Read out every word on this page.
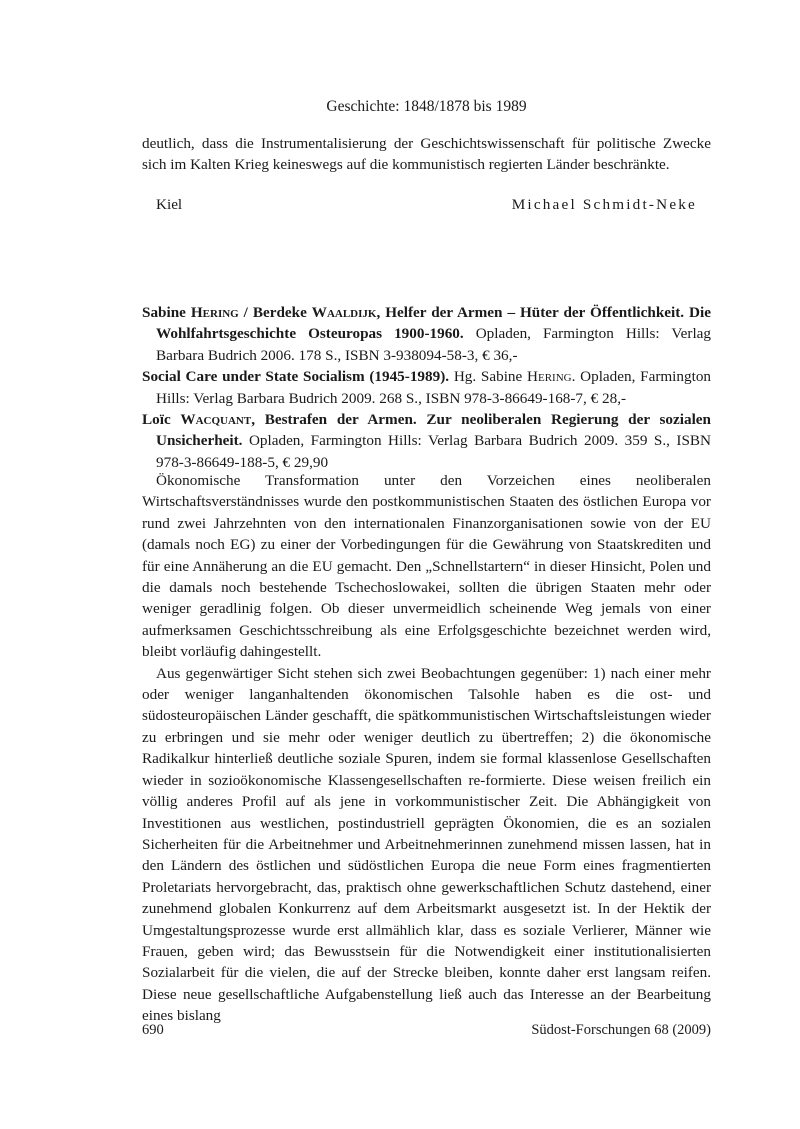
Geschichte: 1848/1878 bis 1989

deutlich, dass die Instrumentalisierung der Geschichtswissenschaft für politische Zwecke sich im Kalten Krieg keineswegs auf die kommunistisch regierten Länder beschränkte.

Kiel	Michael Schmidt-Neke

Sabine Hering / Berdeke Waaldijk, Helfer der Armen – Hüter der Öffentlichkeit. Die Wohlfahrtsgeschichte Osteuropas 1900-1960. Opladen, Farmington Hills: Verlag Barbara Budrich 2006. 178 S., ISBN 3-938094-58-3, € 36,-

Social Care under State Socialism (1945-1989). Hg. Sabine Hering. Opladen, Farmington Hills: Verlag Barbara Budrich 2009. 268 S., ISBN 978-3-86649-168-7, € 28,-

Loïc Wacquant, Bestrafen der Armen. Zur neoliberalen Regierung der sozialen Unsicherheit. Opladen, Farmington Hills: Verlag Barbara Budrich 2009. 359 S., ISBN 978-3-86649-188-5, € 29,90

Ökonomische Transformation unter den Vorzeichen eines neoliberalen Wirtschaftsverständnisses wurde den postkommunistischen Staaten des östlichen Europa vor rund zwei Jahrzehnten von den internationalen Finanzorganisationen sowie von der EU (damals noch EG) zu einer der Vorbedingungen für die Gewährung von Staatskrediten und für eine Annäherung an die EU gemacht. Den „Schnellstartern“ in dieser Hinsicht, Polen und die damals noch bestehende Tschechoslowakei, sollten die übrigen Staaten mehr oder weniger geradlinig folgen. Ob dieser unvermeidlich scheinende Weg jemals von einer aufmerksamen Geschichtsschreibung als eine Erfolgsgeschichte bezeichnet werden wird, bleibt vorläufig dahingestellt.

Aus gegenwärtiger Sicht stehen sich zwei Beobachtungen gegenüber: 1) nach einer mehr oder weniger langanhaltenden ökonomischen Talsohle haben es die ost- und südosteuropäischen Länder geschafft, die spätkommunistischen Wirtschaftsleistungen wieder zu erbringen und sie mehr oder weniger deutlich zu übertreffen; 2) die ökonomische Radikalkur hinterließ deutliche soziale Spuren, indem sie formal klassenlose Gesellschaften wieder in sozioökonomische Klassengesellschaften re-formierte. Diese weisen freilich ein völlig anderes Profil auf als jene in vorkommunistischer Zeit. Die Abhängigkeit von Investitionen aus westlichen, postindustriell geprägten Ökonomien, die es an sozialen Sicherheiten für die Arbeitnehmer und Arbeitnehmerinnen zunehmend missen lassen, hat in den Ländern des östlichen und südöstlichen Europa die neue Form eines fragmentierten Proletariats hervorgebracht, das, praktisch ohne gewerkschaftlichen Schutz dastehend, einer zunehmend globalen Konkurrenz auf dem Arbeitsmarkt ausgesetzt ist. In der Hektik der Umgestaltungsprozesse wurde erst allmählich klar, dass es soziale Verlierer, Männer wie Frauen, geben wird; das Bewusstsein für die Notwendigkeit einer institutionalisierten Sozialarbeit für die vielen, die auf der Strecke bleiben, konnte daher erst langsam reifen. Diese neue gesellschaftliche Aufgabenstellung ließ auch das Interesse an der Bearbeitung eines bislang

690	Südost-Forschungen 68 (2009)
